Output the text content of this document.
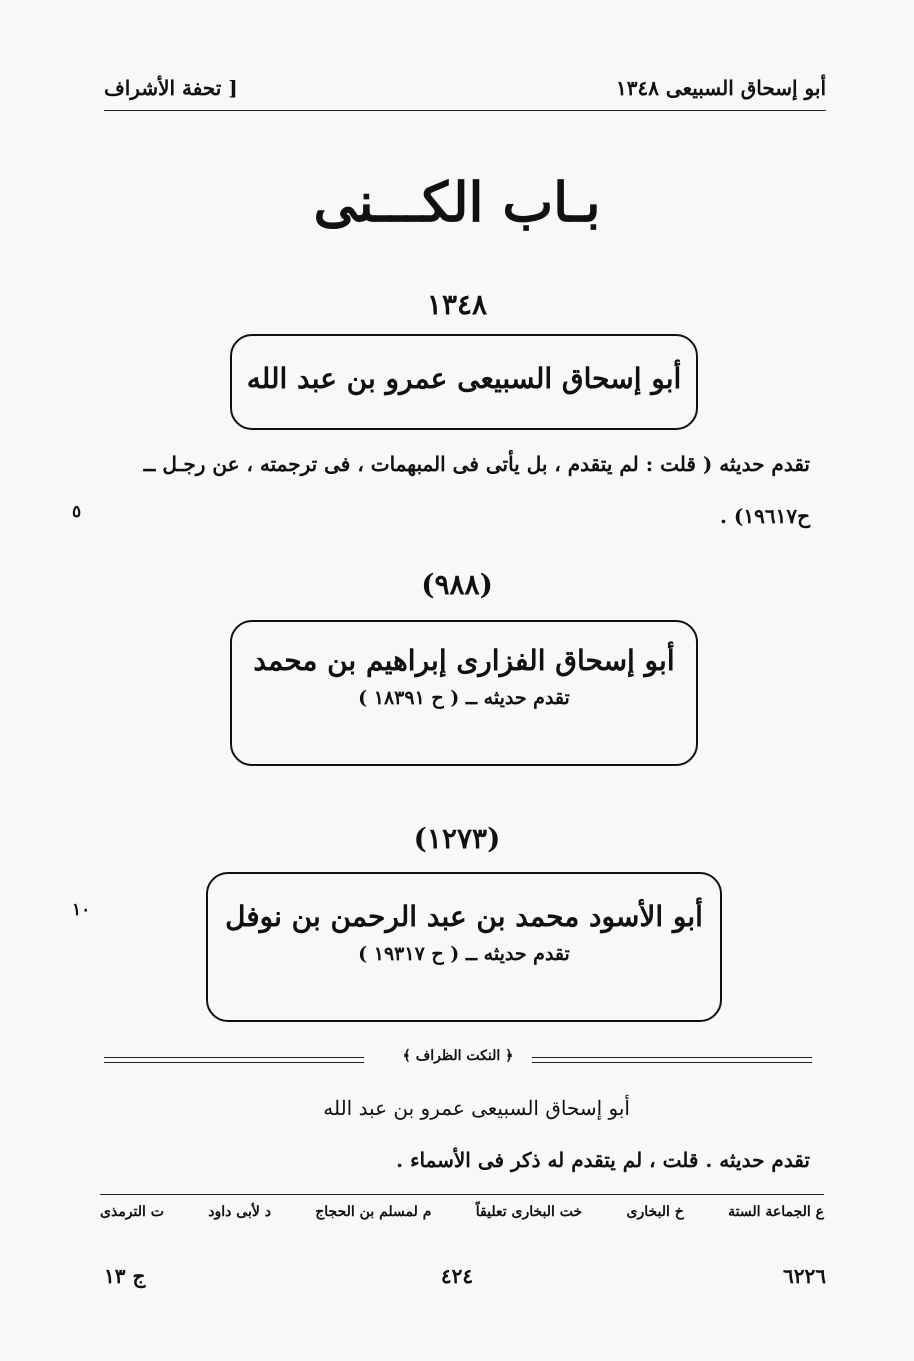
أبو إسحاق السبيعى ١٣٤٨
[ تحفة الأشراف
بـاب الكـــنى
١٣٤٨
أبو إسحاق السبيعى عمرو بن عبد الله
تقدم حديثه ( قلت : لم يتقدم ، بل يأتى فى المبهمات ، فى ترجمته ، عن رجـل ــ
ح١٩٦١٧) .
٥
(٩٨٨)
أبو إسحاق الفزارى إبراهيم بن محمد
تقدم حديثه ــ ( ح ١٨٣٩١ )
(١٢٧٣)
أبو الأسود محمد بن عبد الرحمن بن نوفل
تقدم حديثه ــ ( ح ١٩٣١٧ )
١٠
﴿ النكت الظراف ﴾
أبو إسحاق السبيعى عمرو بن عبد الله
تقدم حديثه . قلت ، لم يتقدم له ذكر فى الأسماء .
ع الجماعة الستة
خ البخارى
خت البخارى تعليقاً
م لمسلم بن الحجاج
د لأبى داود
ت الترمذى
٦٢٢٦
٤٢٤
ج ١٣
